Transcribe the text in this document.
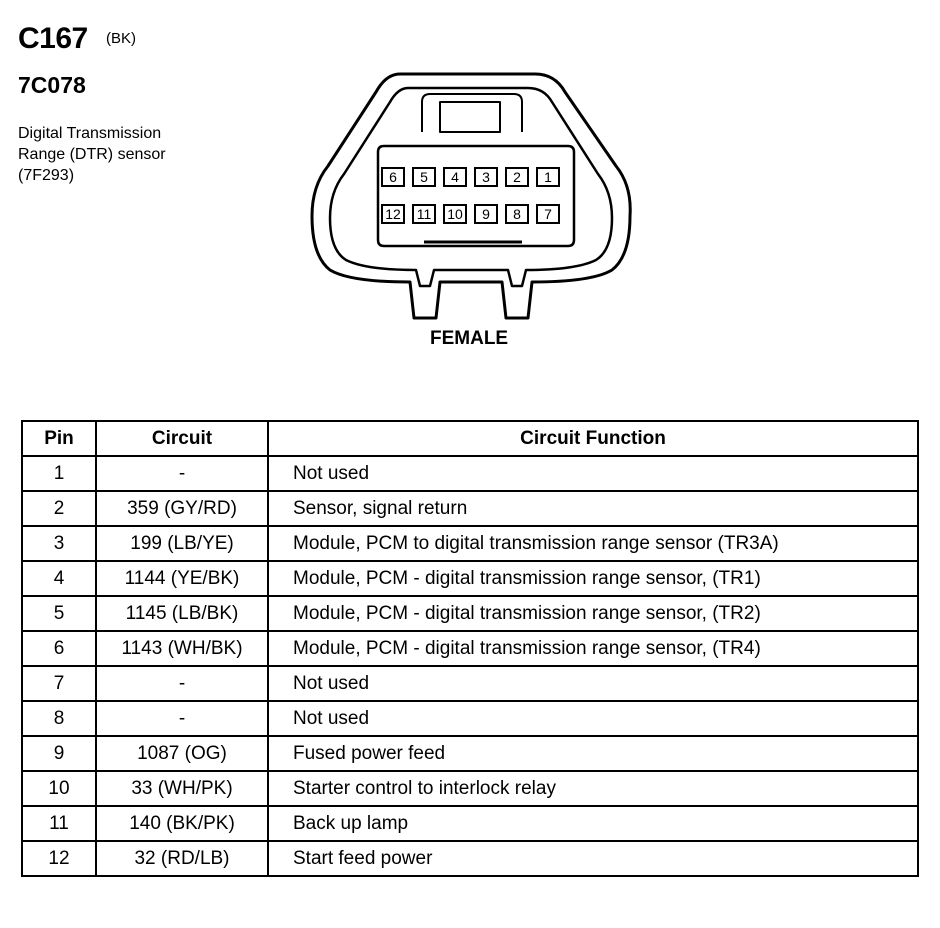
C167 (BK)
7C078
Digital Transmission
Range (DTR) sensor
(7F293)	6 5 4 3 2 1
12 11 10 9 8 7
FEMALE
Pin	Circuit	Circuit Function
1	-	Not used
2	359 (GY/RD)	Sensor, signal return
3	199 (LB/YE)	Module, PCM to digital transmission range sensor (TR3A)
4	1144 (YE/BK)	Module, PCM - digital transmission range sensor, (TR1)
5	1145 (LB/BK)	Module, PCM - digital transmission range sensor, (TR2)
6	1143 (WH/BK)	Module, PCM - digital transmission range sensor, (TR4)
7	-	Not used
8	-	Not used
9	1087 (OG)	Fused power feed
10	33 (WH/PK)	Starter control to interlock relay
11	140 (BK/PK)	Back up lamp
12	32 (RD/LB)	Start feed power
